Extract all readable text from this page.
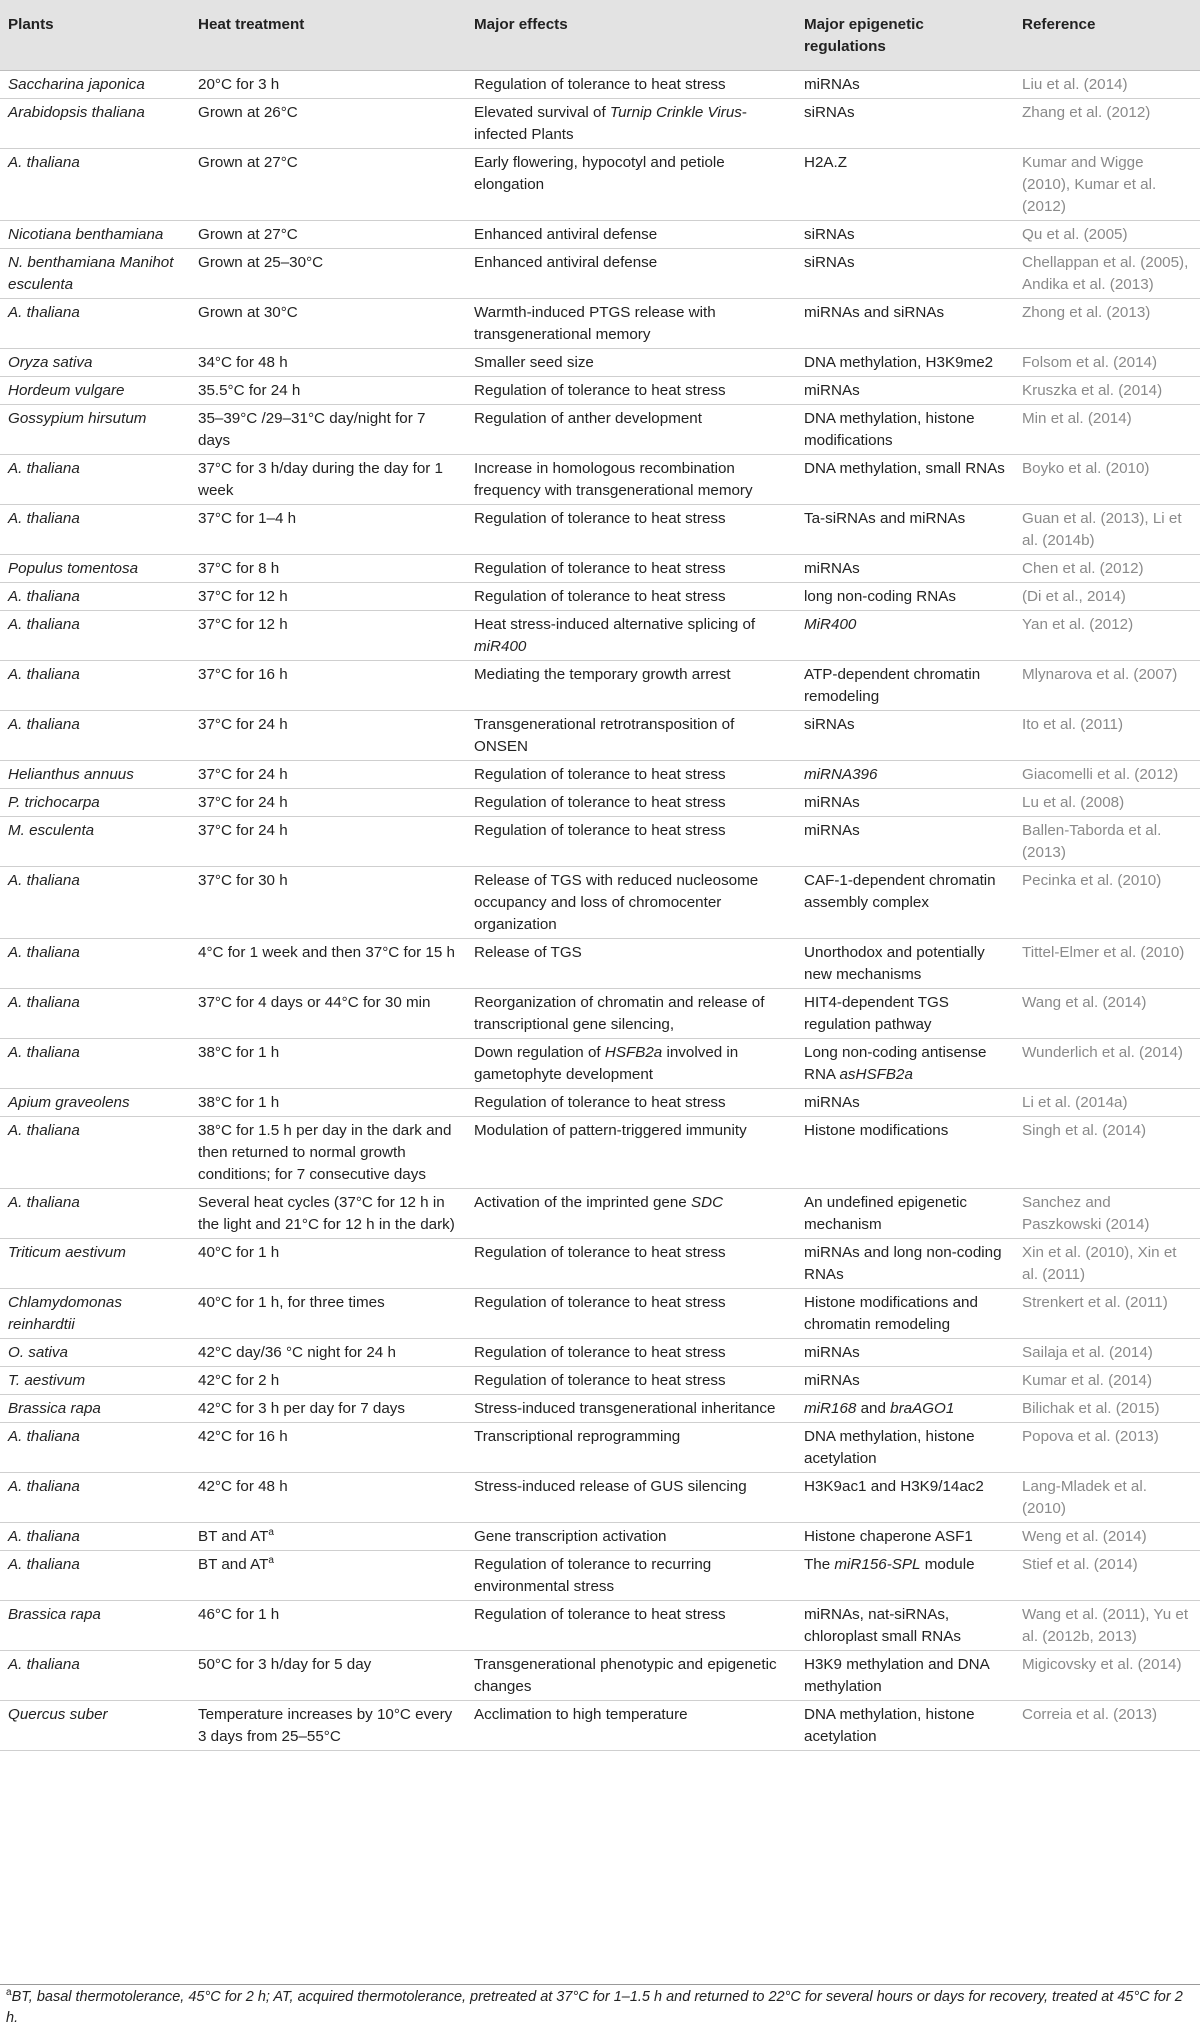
Plants	Heat treatment	Major effects	Major epigenetic regulations	Reference
Saccharina japonica	20°C for 3 h	Regulation of tolerance to heat stress	miRNAs	Liu et al. (2014)
Arabidopsis thaliana	Grown at 26°C	Elevated survival of Turnip Crinkle Virus-infected Plants	siRNAs	Zhang et al. (2012)
A. thaliana	Grown at 27°C	Early flowering, hypocotyl and petiole elongation	H2A.Z	Kumar and Wigge (2010), Kumar et al. (2012)
Nicotiana benthamiana	Grown at 27°C	Enhanced antiviral defense	siRNAs	Qu et al. (2005)
N. benthamiana Manihot esculenta	Grown at 25–30°C	Enhanced antiviral defense	siRNAs	Chellappan et al. (2005), Andika et al. (2013)
A. thaliana	Grown at 30°C	Warmth-induced PTGS release with transgenerational memory	miRNAs and siRNAs	Zhong et al. (2013)
Oryza sativa	34°C for 48 h	Smaller seed size	DNA methylation, H3K9me2	Folsom et al. (2014)
Hordeum vulgare	35.5°C for 24 h	Regulation of tolerance to heat stress	miRNAs	Kruszka et al. (2014)
Gossypium hirsutum	35–39°C /29–31°C day/night for 7 days	Regulation of anther development	DNA methylation, histone modifications	Min et al. (2014)
A. thaliana	37°C for 3 h/day during the day for 1 week	Increase in homologous recombination frequency with transgenerational memory	DNA methylation, small RNAs	Boyko et al. (2010)
A. thaliana	37°C for 1–4 h	Regulation of tolerance to heat stress	Ta-siRNAs and miRNAs	Guan et al. (2013), Li et al. (2014b)
Populus tomentosa	37°C for 8 h	Regulation of tolerance to heat stress	miRNAs	Chen et al. (2012)
A. thaliana	37°C for 12 h	Regulation of tolerance to heat stress	long non-coding RNAs	(Di et al., 2014)
A. thaliana	37°C for 12 h	Heat stress-induced alternative splicing of miR400	MiR400	Yan et al. (2012)
A. thaliana	37°C for 16 h	Mediating the temporary growth arrest	ATP-dependent chromatin remodeling	Mlynarova et al. (2007)
A. thaliana	37°C for 24 h	Transgenerational retrotransposition of ONSEN	siRNAs	Ito et al. (2011)
Helianthus annuus	37°C for 24 h	Regulation of tolerance to heat stress	miRNA396	Giacomelli et al. (2012)
P. trichocarpa	37°C for 24 h	Regulation of tolerance to heat stress	miRNAs	Lu et al. (2008)
M. esculenta	37°C for 24 h	Regulation of tolerance to heat stress	miRNAs	Ballen-Taborda et al. (2013)
A. thaliana	37°C for 30 h	Release of TGS with reduced nucleosome occupancy and loss of chromocenter organization	CAF-1-dependent chromatin assembly complex	Pecinka et al. (2010)
A. thaliana	4°C for 1 week and then 37°C for 15 h	Release of TGS	Unorthodox and potentially new mechanisms	Tittel-Elmer et al. (2010)
A. thaliana	37°C for 4 days or 44°C for 30 min	Reorganization of chromatin and release of transcriptional gene silencing,	HIT4-dependent TGS regulation pathway	Wang et al. (2014)
A. thaliana	38°C for 1 h	Down regulation of HSFB2a involved in gametophyte development	Long non-coding antisense RNA asHSFB2a	Wunderlich et al. (2014)
Apium graveolens	38°C for 1 h	Regulation of tolerance to heat stress	miRNAs	Li et al. (2014a)
A. thaliana	38°C for 1.5 h per day in the dark and then returned to normal growth conditions; for 7 consecutive days	Modulation of pattern-triggered immunity	Histone modifications	Singh et al. (2014)
A. thaliana	Several heat cycles (37°C for 12 h in the light and 21°C for 12 h in the dark)	Activation of the imprinted gene SDC	An undefined epigenetic mechanism	Sanchez and Paszkowski (2014)
Triticum aestivum	40°C for 1 h	Regulation of tolerance to heat stress	miRNAs and long non-coding RNAs	Xin et al. (2010), Xin et al. (2011)
Chlamydomonas reinhardtii	40°C for 1 h, for three times	Regulation of tolerance to heat stress	Histone modifications and chromatin remodeling	Strenkert et al. (2011)
O. sativa	42°C day/36 °C night for 24 h	Regulation of tolerance to heat stress	miRNAs	Sailaja et al. (2014)
T. aestivum	42°C for 2 h	Regulation of tolerance to heat stress	miRNAs	Kumar et al. (2014)
Brassica rapa	42°C for 3 h per day for 7 days	Stress-induced transgenerational inheritance	miR168 and braAGO1	Bilichak et al. (2015)
A. thaliana	42°C for 16 h	Transcriptional reprogramming	DNA methylation, histone acetylation	Popova et al. (2013)
A. thaliana	42°C for 48 h	Stress-induced release of GUS silencing	H3K9ac1 and H3K9/14ac2	Lang-Mladek et al. (2010)
A. thaliana	BT and $AT^a$	Gene transcription activation	Histone chaperone ASF1	Weng et al. (2014)
A. thaliana	BT and $AT^a$	Regulation of tolerance to recurring environmental stress	The miR156-SPL module	Stief et al. (2014)
Brassica rapa	46°C for 1 h	Regulation of tolerance to heat stress	miRNAs, nat-siRNAs, chloroplast small RNAs	Wang et al. (2011), Yu et al. (2012b, 2013)
A. thaliana	50°C for 3 h/day for 5 day	Transgenerational phenotypic and epigenetic changes	H3K9 methylation and DNA methylation	Migicovsky et al. (2014)
Quercus suber	Temperature increases by 10°C every 3 days from 25–55°C	Acclimation to high temperature	DNA methylation, histone acetylation	Correia et al. (2013)
$^a$BT, basal thermotolerance, 45°C for 2 h; AT, acquired thermotolerance, pretreated at 37°C for 1–1.5 h and returned to 22°C for several hours or days for recovery, treated at 45°C for 2 h.
